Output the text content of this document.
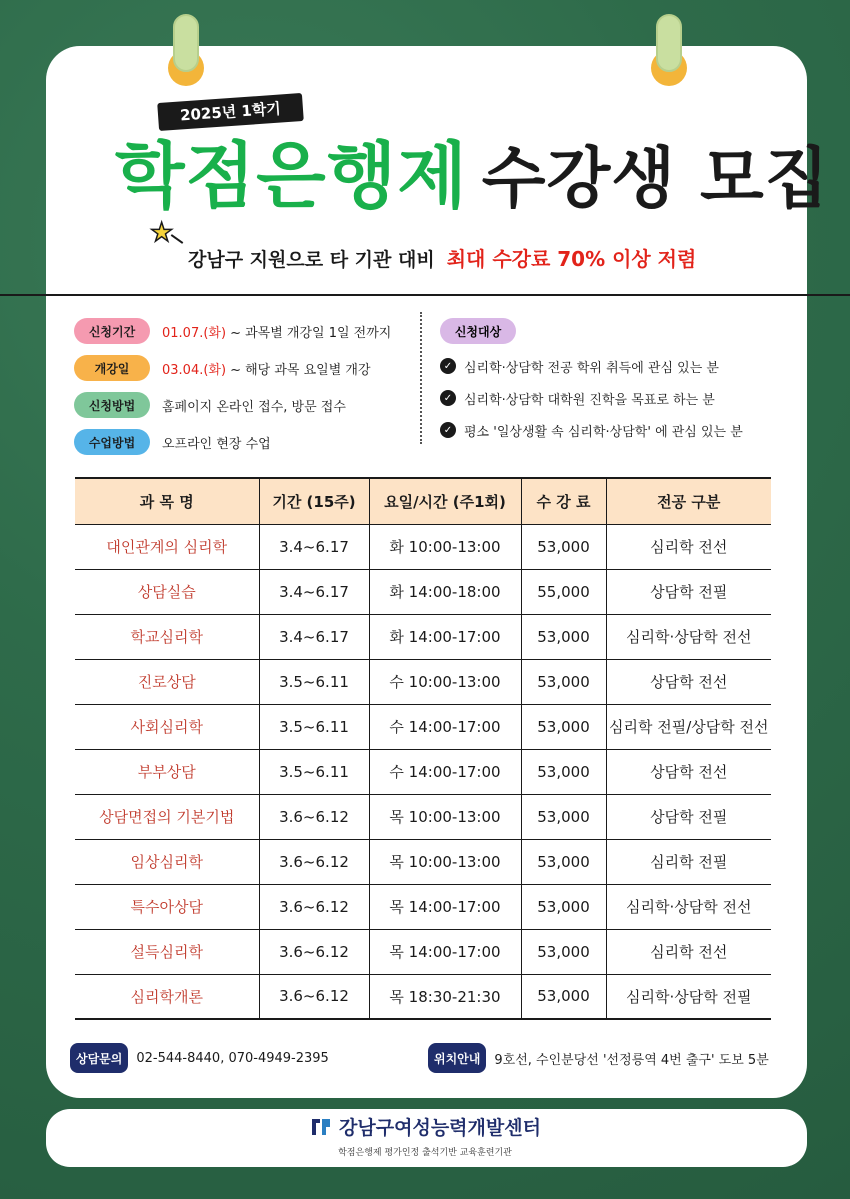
2025년 1학기
학점은행제 수강생 모집
★
강남구 지원으로 타 기관 대비 최대 수강료 70% 이상 저렴
신청기간	01.07.(화) ~ 과목별 개강일 1일 전까지
개강일	03.04.(화) ~ 해당 과목 요일별 개강
신청방법	홈페이지 온라인 접수, 방문 접수
수업방법	오프라인 현장 수업
신청대상
✓ 심리학·상담학 전공 학위 취득에 관심 있는 분
✓ 심리학·상담학 대학원 진학을 목표로 하는 분
✓ 평소 '일상생활 속 심리학·상담학' 에 관심 있는 분
과 목 명	기간 (15주)	요일/시간 (주1회)	수 강 료	전공 구분
대인관계의 심리학	3.4~6.17	화 10:00-13:00	53,000	심리학 전선
상담실습	3.4~6.17	화 14:00-18:00	55,000	상담학 전필
학교심리학	3.4~6.17	화 14:00-17:00	53,000	심리학·상담학 전선
진로상담	3.5~6.11	수 10:00-13:00	53,000	상담학 전선
사회심리학	3.5~6.11	수 14:00-17:00	53,000	심리학 전필/상담학 전선
부부상담	3.5~6.11	수 14:00-17:00	53,000	상담학 전선
상담면접의 기본기법	3.6~6.12	목 10:00-13:00	53,000	상담학 전필
임상심리학	3.6~6.12	목 10:00-13:00	53,000	심리학 전필
특수아상담	3.6~6.12	목 14:00-17:00	53,000	심리학·상담학 전선
설득심리학	3.6~6.12	목 14:00-17:00	53,000	심리학 전선
심리학개론	3.6~6.12	목 18:30-21:30	53,000	심리학·상담학 전필
상담문의	02-544-8440, 070-4949-2395	위치안내	9호선, 수인분당선 '선정릉역 4번 출구' 도보 5분
강남구여성능력개발센터
학점은행제 평가인정 출석기반 교육훈련기관
